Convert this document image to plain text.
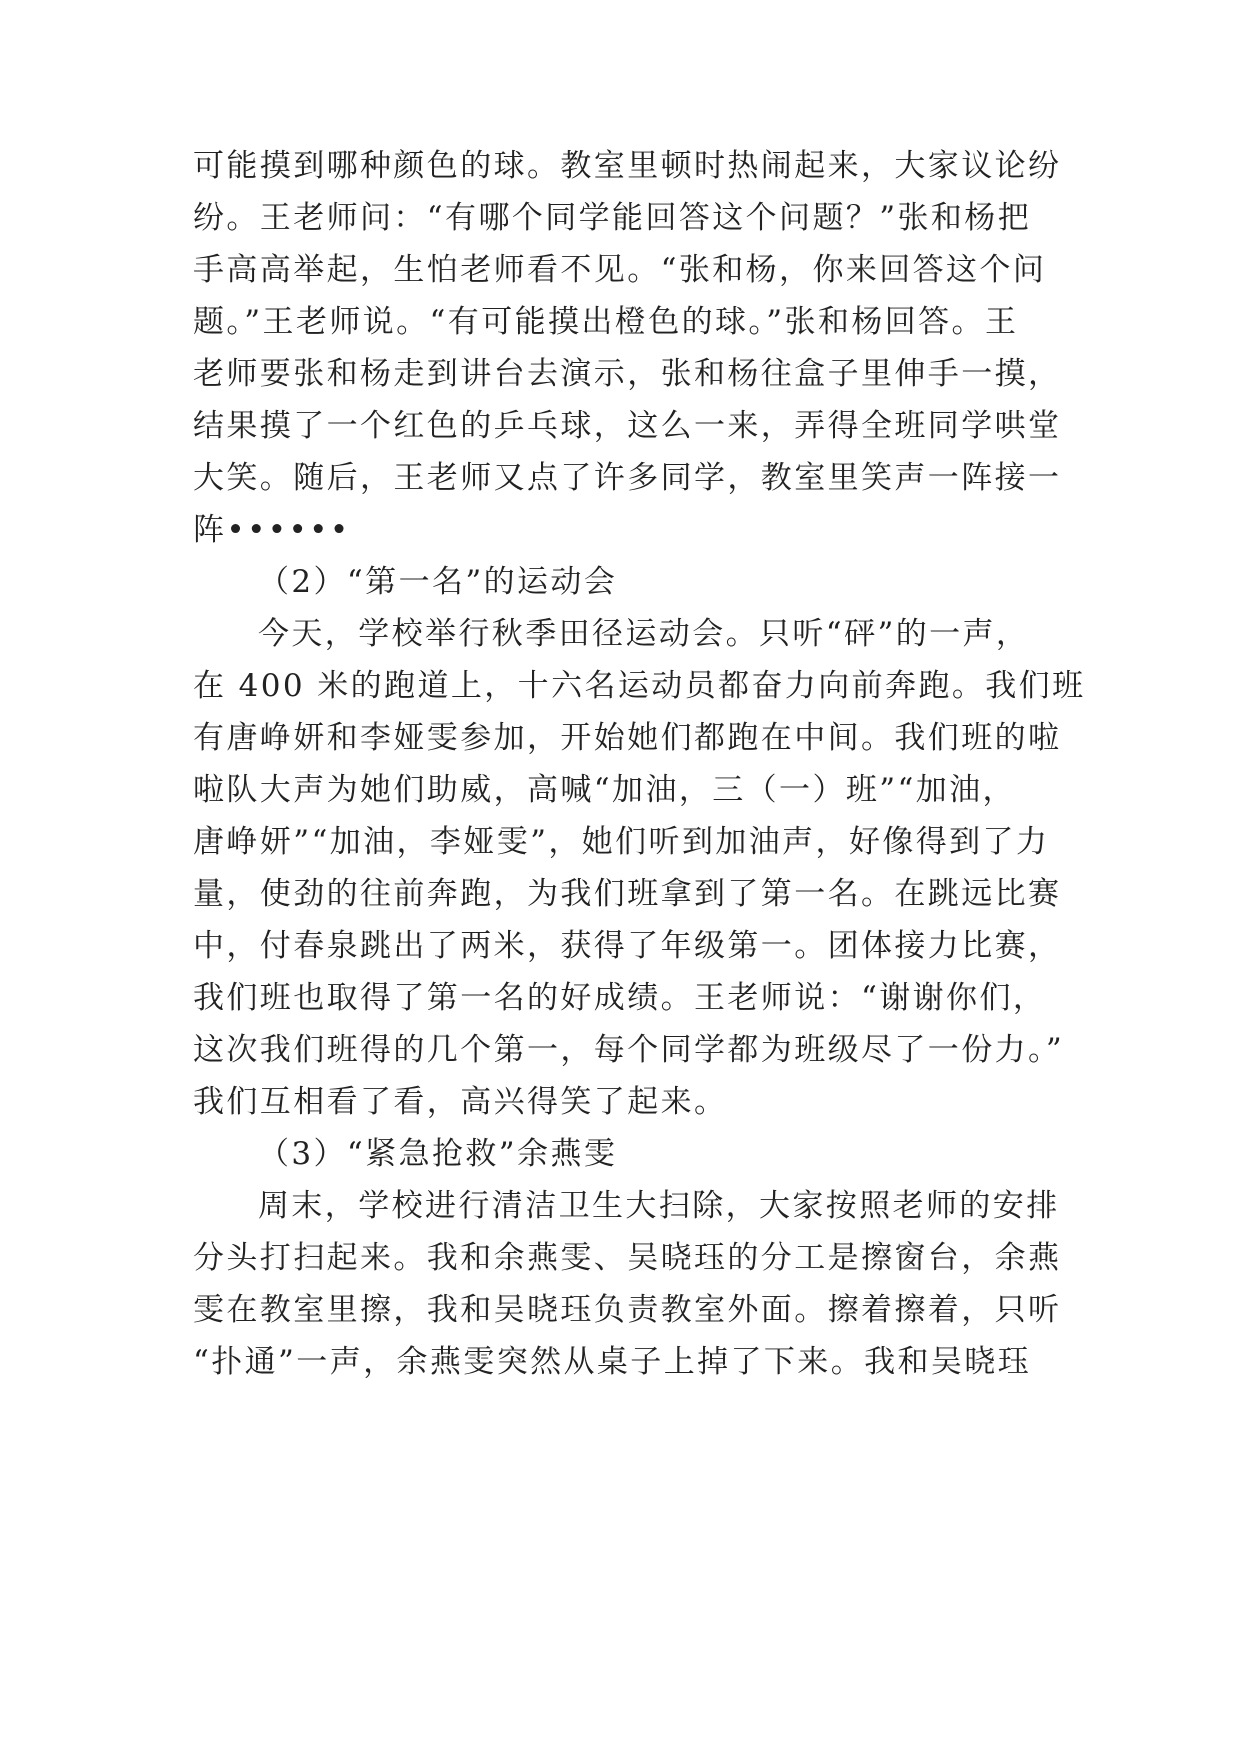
可能摸到哪种颜色的球。教室里顿时热闹起来，大家议论纷
纷。王老师问：“有哪个同学能回答这个问题？”张和杨把
手高高举起，生怕老师看不见。“张和杨，你来回答这个问
题。”王老师说。“有可能摸出橙色的球。”张和杨回答。王
老师要张和杨走到讲台去演示，张和杨往盒子里伸手一摸，
结果摸了一个红色的乒乓球，这么一来，弄得全班同学哄堂
大笑。随后，王老师又点了许多同学，教室里笑声一阵接一
阵••••••
（2）“第一名”的运动会
今天，学校举行秋季田径运动会。只听“砰”的一声，
在 400 米的跑道上，十六名运动员都奋力向前奔跑。我们班
有唐峥妍和李娅雯参加，开始她们都跑在中间。我们班的啦
啦队大声为她们助威，高喊“加油，三（一）班”“加油，
唐峥妍”“加油，李娅雯”，她们听到加油声，好像得到了力
量，使劲的往前奔跑，为我们班拿到了第一名。在跳远比赛
中，付春泉跳出了两米，获得了年级第一。团体接力比赛，
我们班也取得了第一名的好成绩。王老师说：“谢谢你们，
这次我们班得的几个第一，每个同学都为班级尽了一份力。”
我们互相看了看，高兴得笑了起来。
（3）“紧急抢救”余燕雯
周末，学校进行清洁卫生大扫除，大家按照老师的安排
分头打扫起来。我和余燕雯、吴晓珏的分工是擦窗台，余燕
雯在教室里擦，我和吴晓珏负责教室外面。擦着擦着，只听
“扑通”一声，余燕雯突然从桌子上掉了下来。我和吴晓珏
